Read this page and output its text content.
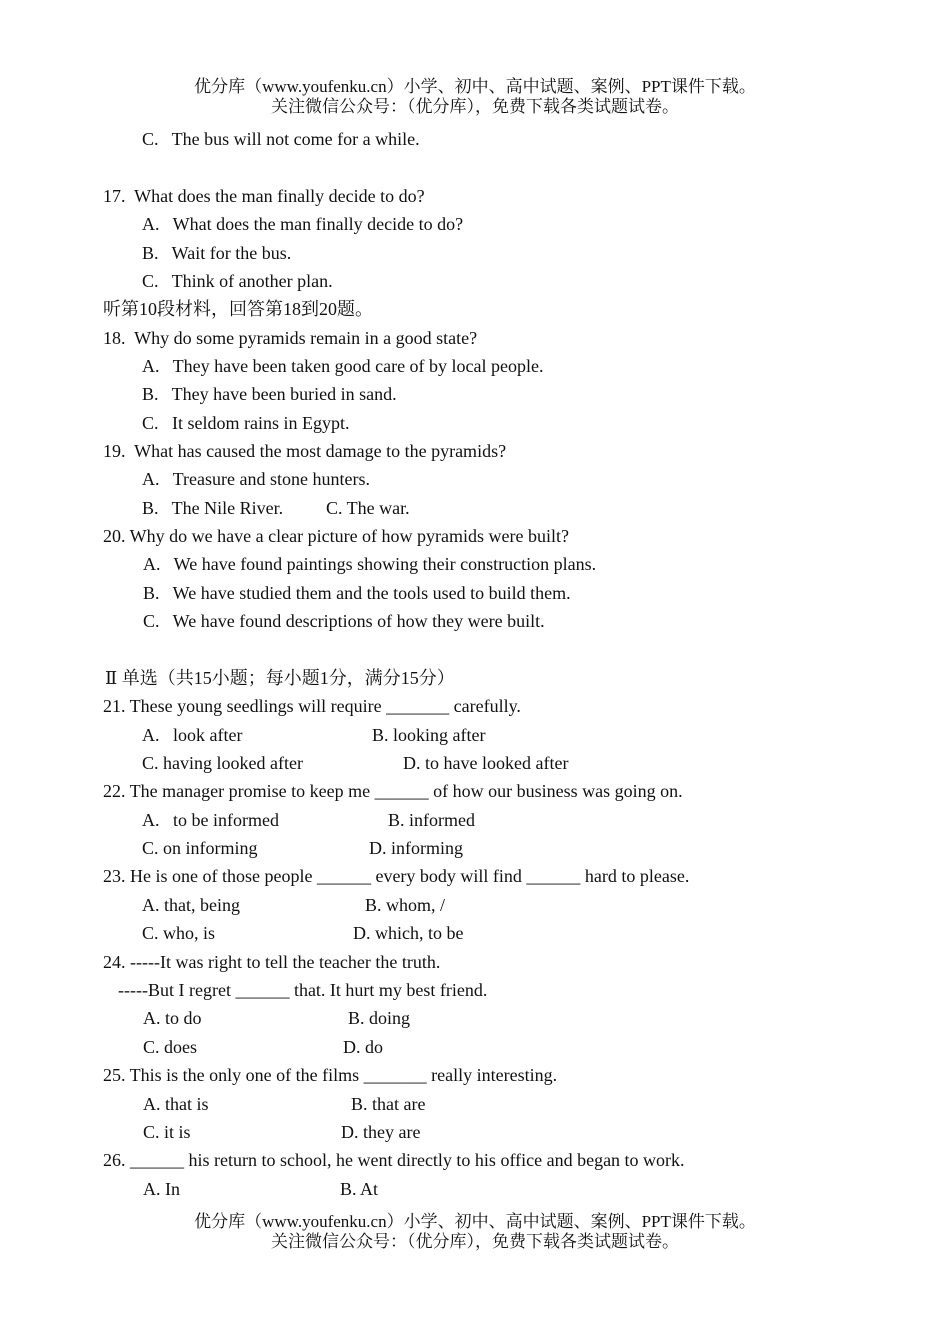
优分库（www.youfenku.cn）小学、初中、高中试题、案例、PPT课件下载。
关注微信公众号：（优分库），免费下载各类试题试卷。
C.   The bus will not come for a while.
17.  What does the man finally decide to do?
A.   What does the man finally decide to do?
B.   Wait for the bus.
C.   Think of another plan.
听第10段材料，回答第18到20题。
18.  Why do some pyramids remain in a good state?
A.   They have been taken good care of by local people.
B.   They have been buried in sand.
C.   It seldom rains in Egypt.
19.  What has caused the most damage to the pyramids?
A.   Treasure and stone hunters.
B.   The Nile River. C. The war.
20. Why do we have a clear picture of how pyramids were built?
A.   We have found paintings showing their construction plans.
B.   We have studied them and the tools used to build them.
C.   We have found descriptions of how they were built.
Ⅱ 单选（共15小题；每小题1分，满分15分）
21. These young seedlings will require _______ carefully.
A.   look after	B. looking after
C. having looked after	D. to have looked after
22. The manager promise to keep me ______ of how our business was going on.
A.   to be informed	B. informed
C. on informing	D. informing
23. He is one of those people ______ every body will find ______ hard to please.
A. that, being	B. whom, /
C. who, is	D. which, to be
24. -----It was right to tell the teacher the truth.
-----But I regret ______ that. It hurt my best friend.
A. to do	B. doing
C. does	D. do
25. This is the only one of the films _______ really interesting.
A. that is	B. that are
C. it is	D. they are
26. ______ his return to school, he went directly to his office and began to work.
A. In	B. At
优分库（www.youfenku.cn）小学、初中、高中试题、案例、PPT课件下载。
关注微信公众号：（优分库），免费下载各类试题试卷。
